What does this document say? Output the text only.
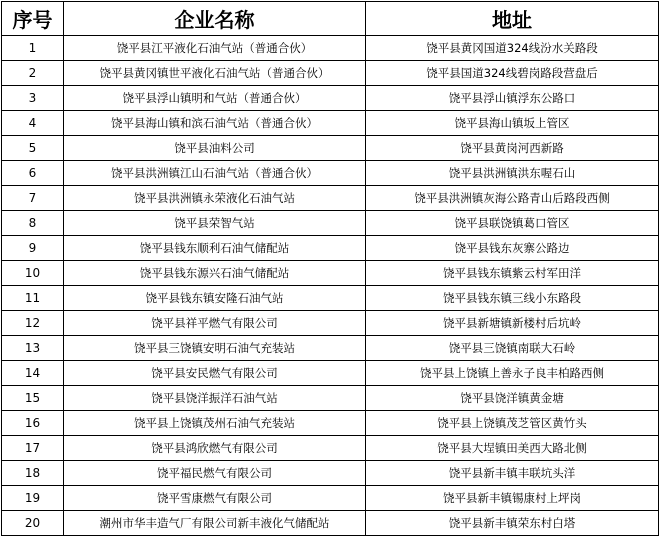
序号	企业名称	地址
1	饶平县江平液化石油气站（普通合伙）	饶平县黄冈国道324线汾水关路段
2	饶平县黄冈镇世平液化石油气站（普通合伙）	饶平县国道324线碧岗路段营盘后
3	饶平县浮山镇明和气站（普通合伙）	饶平县浮山镇浮东公路口
4	饶平县海山镇和滨石油气站（普通合伙）	饶平县海山镇坂上管区
5	饶平县油料公司	饶平县黄岗河西新路
6	饶平县洪洲镇江山石油气站（普通合伙）	饶平县洪洲镇洪东喔石山
7	饶平县洪洲镇永荣液化石油气站	饶平县洪洲镇灰海公路青山后路段西侧
8	饶平县荣智气站	饶平县联饶镇葛口管区
9	饶平县钱东顺利石油气储配站	饶平县钱东灰寨公路边
10	饶平县钱东源兴石油气储配站	饶平县钱东镇紫云村军田洋
11	饶平县钱东镇安隆石油气站	饶平县钱东镇三线小东路段
12	饶平县祥平燃气有限公司	饶平县新塘镇新楼村后坑岭
13	饶平县三饶镇安明石油气充装站	饶平县三饶镇南联大石岭
14	饶平县安民燃气有限公司	饶平县上饶镇上善永子良丰柏路西侧
15	饶平县饶洋振洋石油气站	饶平县饶洋镇黄金塘
16	饶平县上饶镇茂州石油气充装站	饶平县上饶镇茂芝管区黄竹头
17	饶平县鸿欣燃气有限公司	饶平县大埕镇田美西大路北侧
18	饶平福民燃气有限公司	饶平县新丰镇丰联坑头洋
19	饶平雪康燃气有限公司	饶平县新丰镇锡康村上坪岗
20	潮州市华丰造气厂有限公司新丰液化气储配站	饶平县新丰镇荣东村白塔
